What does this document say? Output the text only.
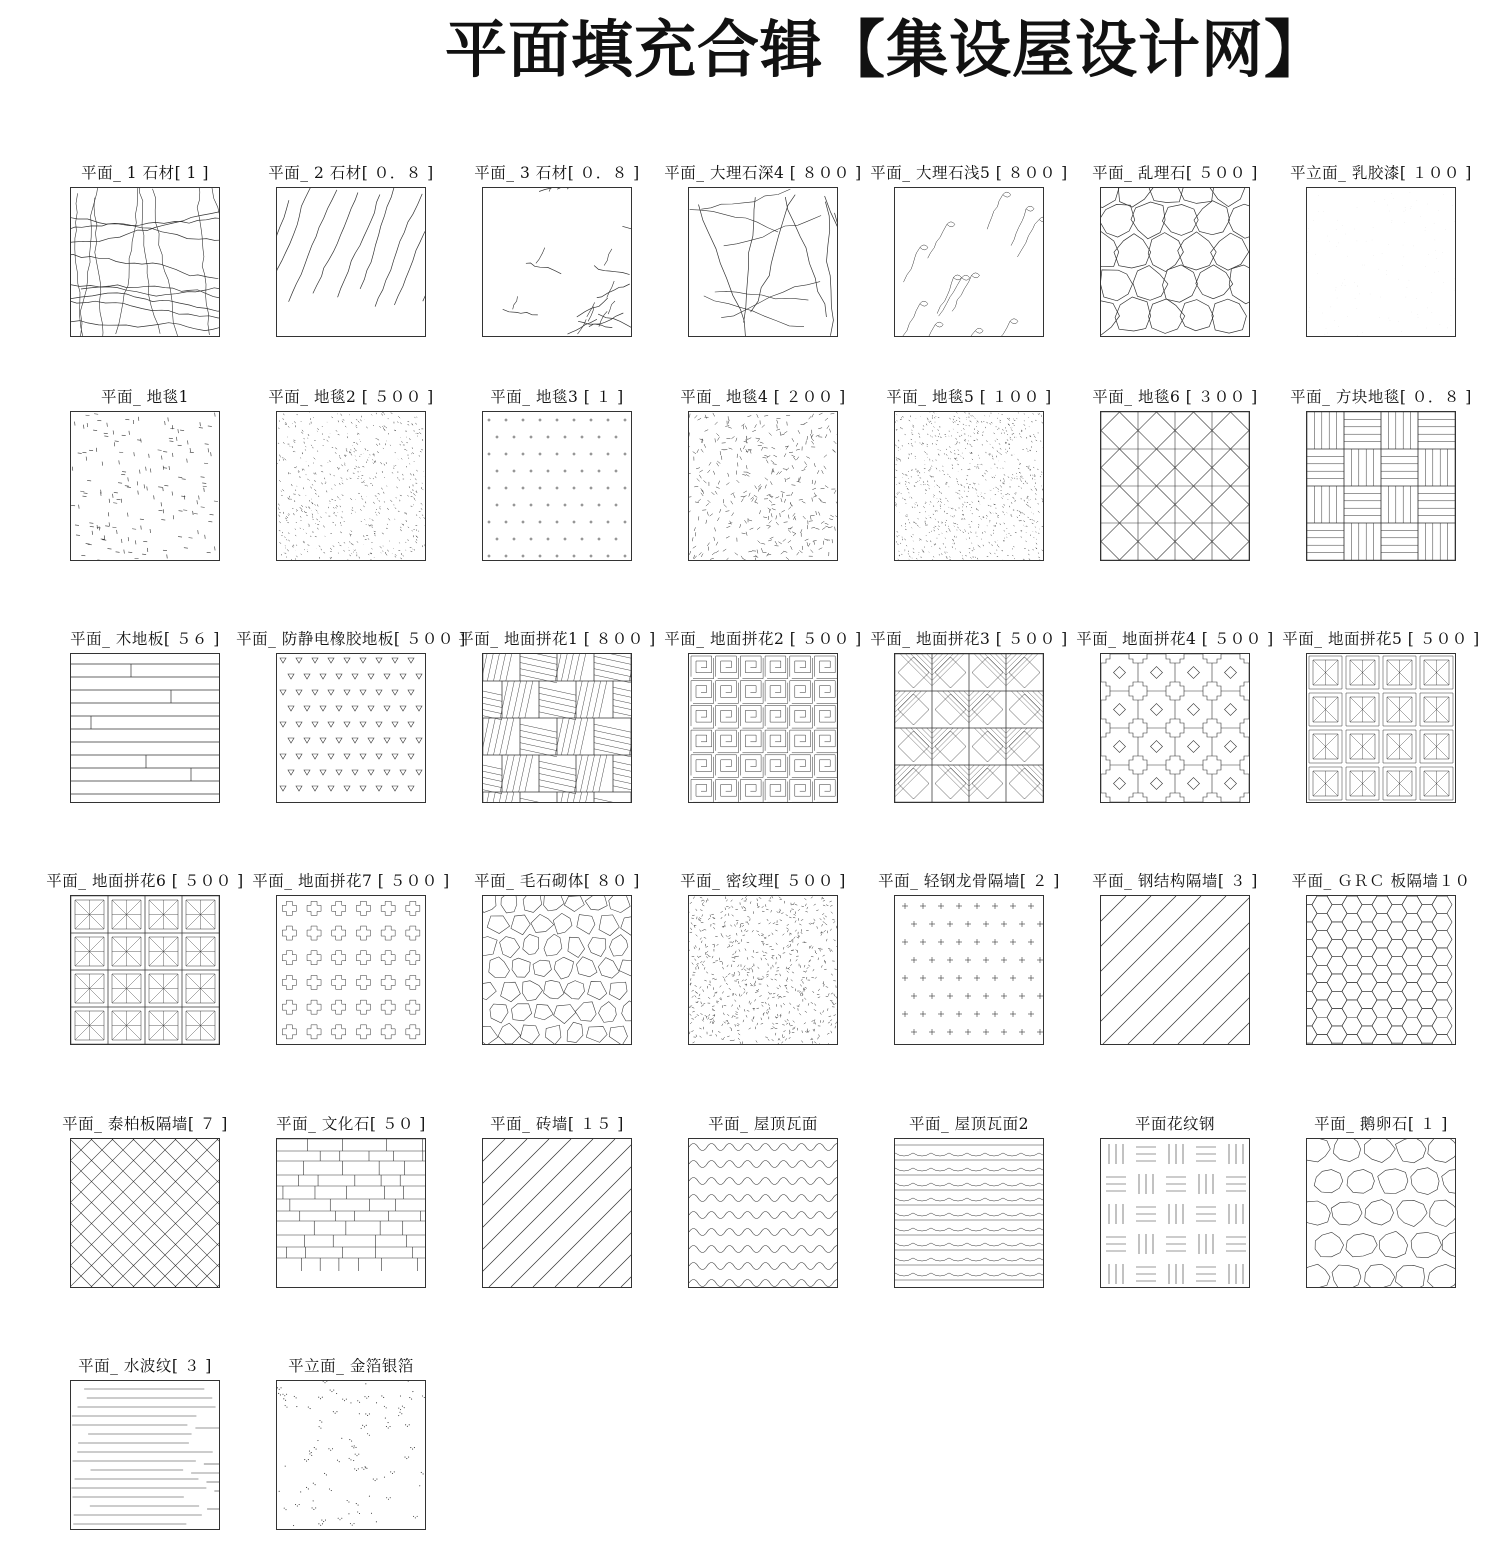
平面填充合辑【集设屋设计网】
平面_ 1 石材[ 1 ]	平面_ 2 石材[ ０．８ ]	平面_ 3 石材[ ０．８ ] 平面_ 大理石深4 [ ８００ ] 平面_ 大理石浅5 [ ８００ ] 平面_ 乱理石[ ５００ ] 平立面_ 乳胶漆[ １００ ]
平面_ 地毯1	平面_ 地毯2 [ ５００ ]	平面_ 地毯3 [ １ ]	平面_ 地毯4 [ ２００ ]	平面_ 地毯5 [ １００ ]	平面_ 地毯6 [ ３００ ] 平面_ 方块地毯[ ０．８ ]
平面_ 木地板[ ５６ ] 平面_ 防静电橡胶地板[ ５００ ]
平面_ 地面拼花1 [ ８００ ] 平面_ 地面拼花2 [ ５００ ] 平面_ 地面拼花3 [ ５００ ] 平面_ 地面拼花4 [ ５００ ] 平面_ 地面拼花5 [ ５００ ]
平面_ 地面拼花6 [ ５００ ] 平面_ 地面拼花7 [ ５００ ] 平面_ 毛石砌体[ ８０ ]	平面_ 密纹理[ ５００ ] 平面_ 轻钢龙骨隔墙[ ２ ] 平面_ 钢结构隔墙[ ３ ] 平面_ ＧＲＣ 板隔墙１０
平面_ 泰柏板隔墙[ ７ ]	平面_ 文化石[ ５０ ]	平面_ 砖墙[ １５ ]	平面_ 屋顶瓦面	平面_ 屋顶瓦面2	平面花纹钢	平面_ 鹅卵石[ １ ]
平面_ 水波纹[ ３ ]	平立面_ 金箔银箔
